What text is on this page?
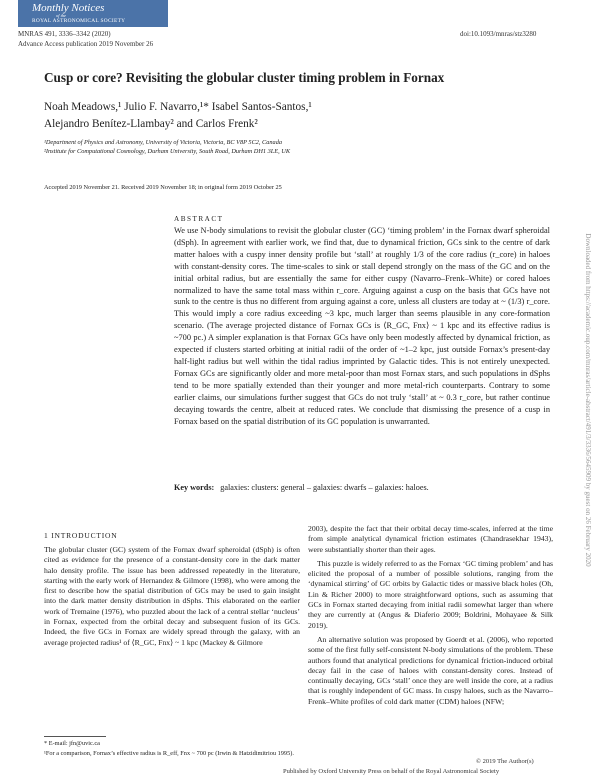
Monthly Notices
of the
ROYAL ASTRONOMICAL SOCIETY
MNRAS 491, 3336–3342 (2020)
Advance Access publication 2019 November 26
doi:10.1093/mnras/stz3280
Cusp or core? Revisiting the globular cluster timing problem in Fornax
Noah Meadows,¹ Julio F. Navarro,¹* Isabel Santos-Santos,¹
Alejandro Benítez-Llambay² and Carlos Frenk²
¹Department of Physics and Astronomy, University of Victoria, Victoria, BC V8P 5C2, Canada
²Institute for Computational Cosmology, Durham University, South Road, Durham DH1 3LE, UK
Accepted 2019 November 21. Received 2019 November 18; in original form 2019 October 25
ABSTRACT
We use N-body simulations to revisit the globular cluster (GC) ‘timing problem’ in the Fornax dwarf spheroidal (dSph). In agreement with earlier work, we find that, due to dynamical friction, GCs sink to the centre of dark matter haloes with a cuspy inner density profile but ‘stall’ at roughly 1/3 of the core radius (r_core) in haloes with constant-density cores. The time-scales to sink or stall depend strongly on the mass of the GC and on the initial orbital radius, but are essentially the same for either cuspy (Navarro–Frenk–White) or cored haloes normalized to have the same total mass within r_core. Arguing against a cusp on the basis that GCs have not sunk to the centre is thus no different from arguing against a core, unless all clusters are today at ~ (1/3) r_core. This would imply a core radius exceeding ~3 kpc, much larger than seems plausible in any core-formation scenario. (The average projected distance of Fornax GCs is ⟨R_GC, Fnx⟩ ~ 1 kpc and its effective radius is ~700 pc.) A simpler explanation is that Fornax GCs have only been modestly affected by dynamical friction, as expected if clusters started orbiting at initial radii of the order of ~1–2 kpc, just outside Fornax’s present-day half-light radius but well within the tidal radius imprinted by Galactic tides. This is not entirely unexpected. Fornax GCs are significantly older and more metal-poor than most Fornax stars, and such populations in dSphs tend to be more spatially extended than their younger and more metal-rich counterparts. Contrary to some earlier claims, our simulations further suggest that GCs do not truly ‘stall’ at ~ 0.3 r_core, but rather continue decaying towards the centre, albeit at reduced rates. We conclude that dismissing the presence of a cusp in Fornax based on the spatial distribution of its GC population is unwarranted.
Key words: galaxies: clusters: general – galaxies: dwarfs – galaxies: haloes.
1 INTRODUCTION

The globular cluster (GC) system of the Fornax dwarf spheroidal (dSph) is often cited as evidence for the presence of a constant-density core in the dark matter halo density profile. The issue has been addressed repeatedly in the literature, starting with the early work of Hernandez & Gilmore (1998), who were among the first to describe how the spatial distribution of GCs may be used to gain insight into the dark matter density distribution in dSphs. This elaborated on the earlier work of Tremaine (1976), who puzzled about the lack of a central stellar ‘nucleus’ in Fornax, expected from the orbital decay and subsequent fusion of its GCs. Indeed, the five GCs in Fornax are widely spread through the galaxy, with an average projected radius¹ of ⟨R_GC, Fnx⟩ ~ 1 kpc (Mackey & Gilmore

2003), despite the fact that their orbital decay time-scales, inferred at the time from simple analytical dynamical friction estimates (Chandrasekhar 1943), were substantially shorter than their ages.

This puzzle is widely referred to as the Fornax ‘GC timing problem’ and has elicited the proposal of a number of possible solutions, ranging from the ‘dynamical stirring’ of GC orbits by Galactic tides or massive black holes (Oh, Lin & Richer 2000) to more straightforward options, such as assuming that GCs in Fornax started decaying from initial radii somewhat larger than where they are currently at (Angus & Diaferio 2009; Boldrini, Mohayaee & Silk 2019).

An alternative solution was proposed by Goerdt et al. (2006), who reported some of the first fully self-consistent N-body simulations of the problem. These authors found that analytical predictions for dynamical friction-induced orbital decay fail in the case of haloes with constant-density cores. Instead of continually decaying, GCs ‘stall’ once they are well inside the core, at a radius that is roughly independent of GC mass. In cuspy haloes, such as the Navarro–Frenk–White profiles of cold dark matter (CDM) haloes (NFW;

* E-mail: jfn@uvic.ca
¹For a comparison, Fornax’s effective radius is R_eff, Fnx ~ 700 pc (Irwin & Hatzidimitriou 1995).
© 2019 The Author(s)
Published by Oxford University Press on behalf of the Royal Astronomical Society
Downloaded from https://academic.oup.com/mnras/article-abstract/491/3/3336/5645909 by guest on 26 February 2020
